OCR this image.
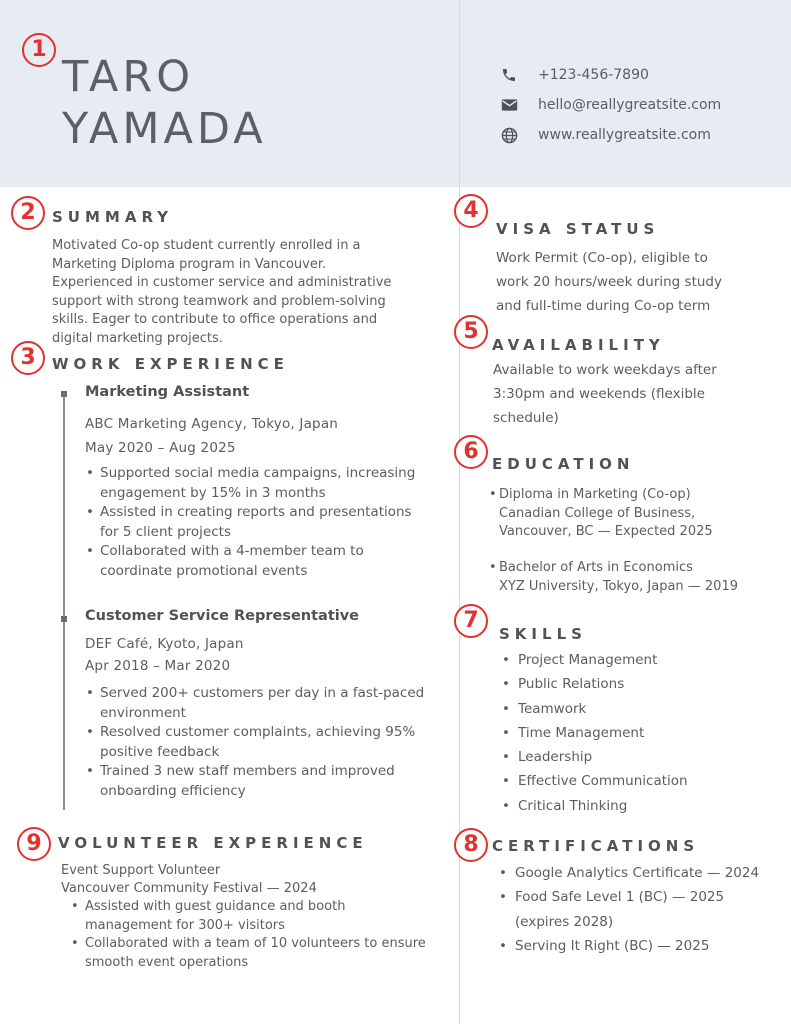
1
2
3
4
5
6
7
8
9
TARO
YAMADA
+123-456-7890
hello@reallygreatsite.com
www.reallygreatsite.com
SUMMARY
Motivated Co-op student currently enrolled in a
Marketing Diploma program in Vancouver.
Experienced in customer service and administrative
support with strong teamwork and problem-solving
skills. Eager to contribute to office operations and
digital marketing projects.
WORK EXPERIENCE
Marketing Assistant
ABC Marketing Agency, Tokyo, Japan
May 2020 – Aug 2025
• Supported social media campaigns, increasing
engagement by 15% in 3 months
• Assisted in creating reports and presentations
for 5 client projects
• Collaborated with a 4-member team to
coordinate promotional events
Customer Service Representative
DEF Café, Kyoto, Japan
Apr 2018 – Mar 2020
• Served 200+ customers per day in a fast-paced
environment
• Resolved customer complaints, achieving 95%
positive feedback
• Trained 3 new staff members and improved
onboarding efficiency
VOLUNTEER EXPERIENCE
Event Support Volunteer
Vancouver Community Festival — 2024
• Assisted with guest guidance and booth
management for 300+ visitors
• Collaborated with a team of 10 volunteers to ensure
smooth event operations
VISA STATUS
Work Permit (Co-op), eligible to
work 20 hours/week during study
and full-time during Co-op term
AVAILABILITY
Available to work weekdays after
3:30pm and weekends (flexible
schedule)
EDUCATION
• Diploma in Marketing (Co-op)
Canadian College of Business,
Vancouver, BC — Expected 2025
• Bachelor of Arts in Economics
XYZ University, Tokyo, Japan — 2019
SKILLS
• Project Management
• Public Relations
• Teamwork
• Time Management
• Leadership
• Effective Communication
• Critical Thinking
CERTIFICATIONS
• Google Analytics Certificate — 2024
• Food Safe Level 1 (BC) — 2025
(expires 2028)
• Serving It Right (BC) — 2025
